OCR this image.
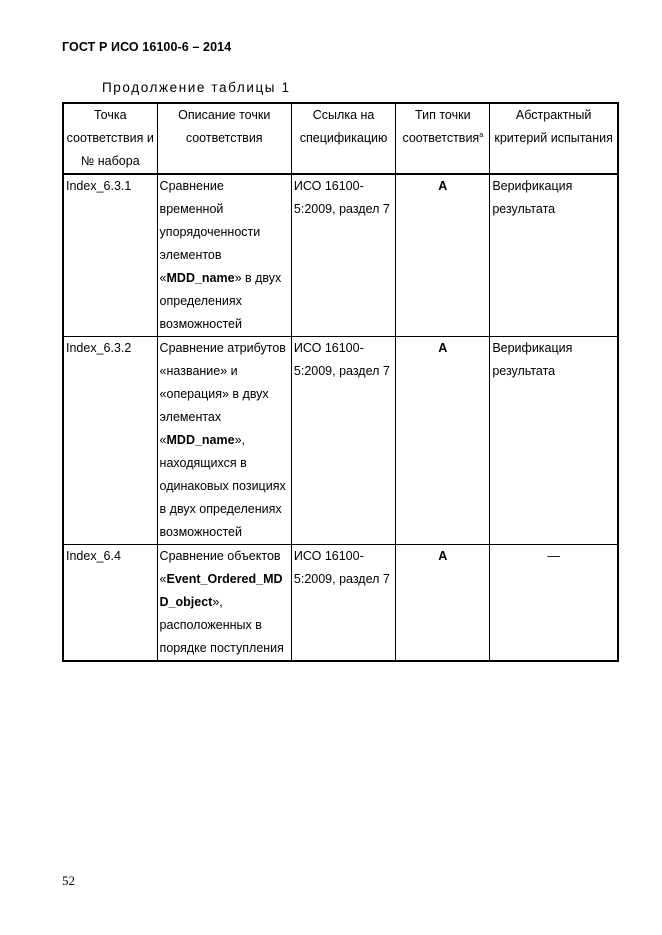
ГОСТ Р ИСО 16100-6 – 2014
Продолжение таблицы 1
Точка соответствия и № набора	Описание точки соответствия	Ссылка на спецификацию	Тип точки соответствия$^а$	Абстрактный критерий испытания
Index_6.3.1	Сравнение временной упорядоченности элементов «MDD_name» в двух определениях возможностей	ИСО 16100-5:2009, раздел 7	A	Верификация результата
Index_6.3.2	Сравнение атрибутов «название» и «операция» в двух элементах «MDD_name», находящихся в одинаковых позициях в двух определениях возможностей	ИСО 16100-5:2009, раздел 7	A	Верификация результата
Index_6.4	Сравнение объектов «Event_Ordered_MDD_object», расположенных в порядке поступления	ИСО 16100-5:2009, раздел 7	A	—
52
